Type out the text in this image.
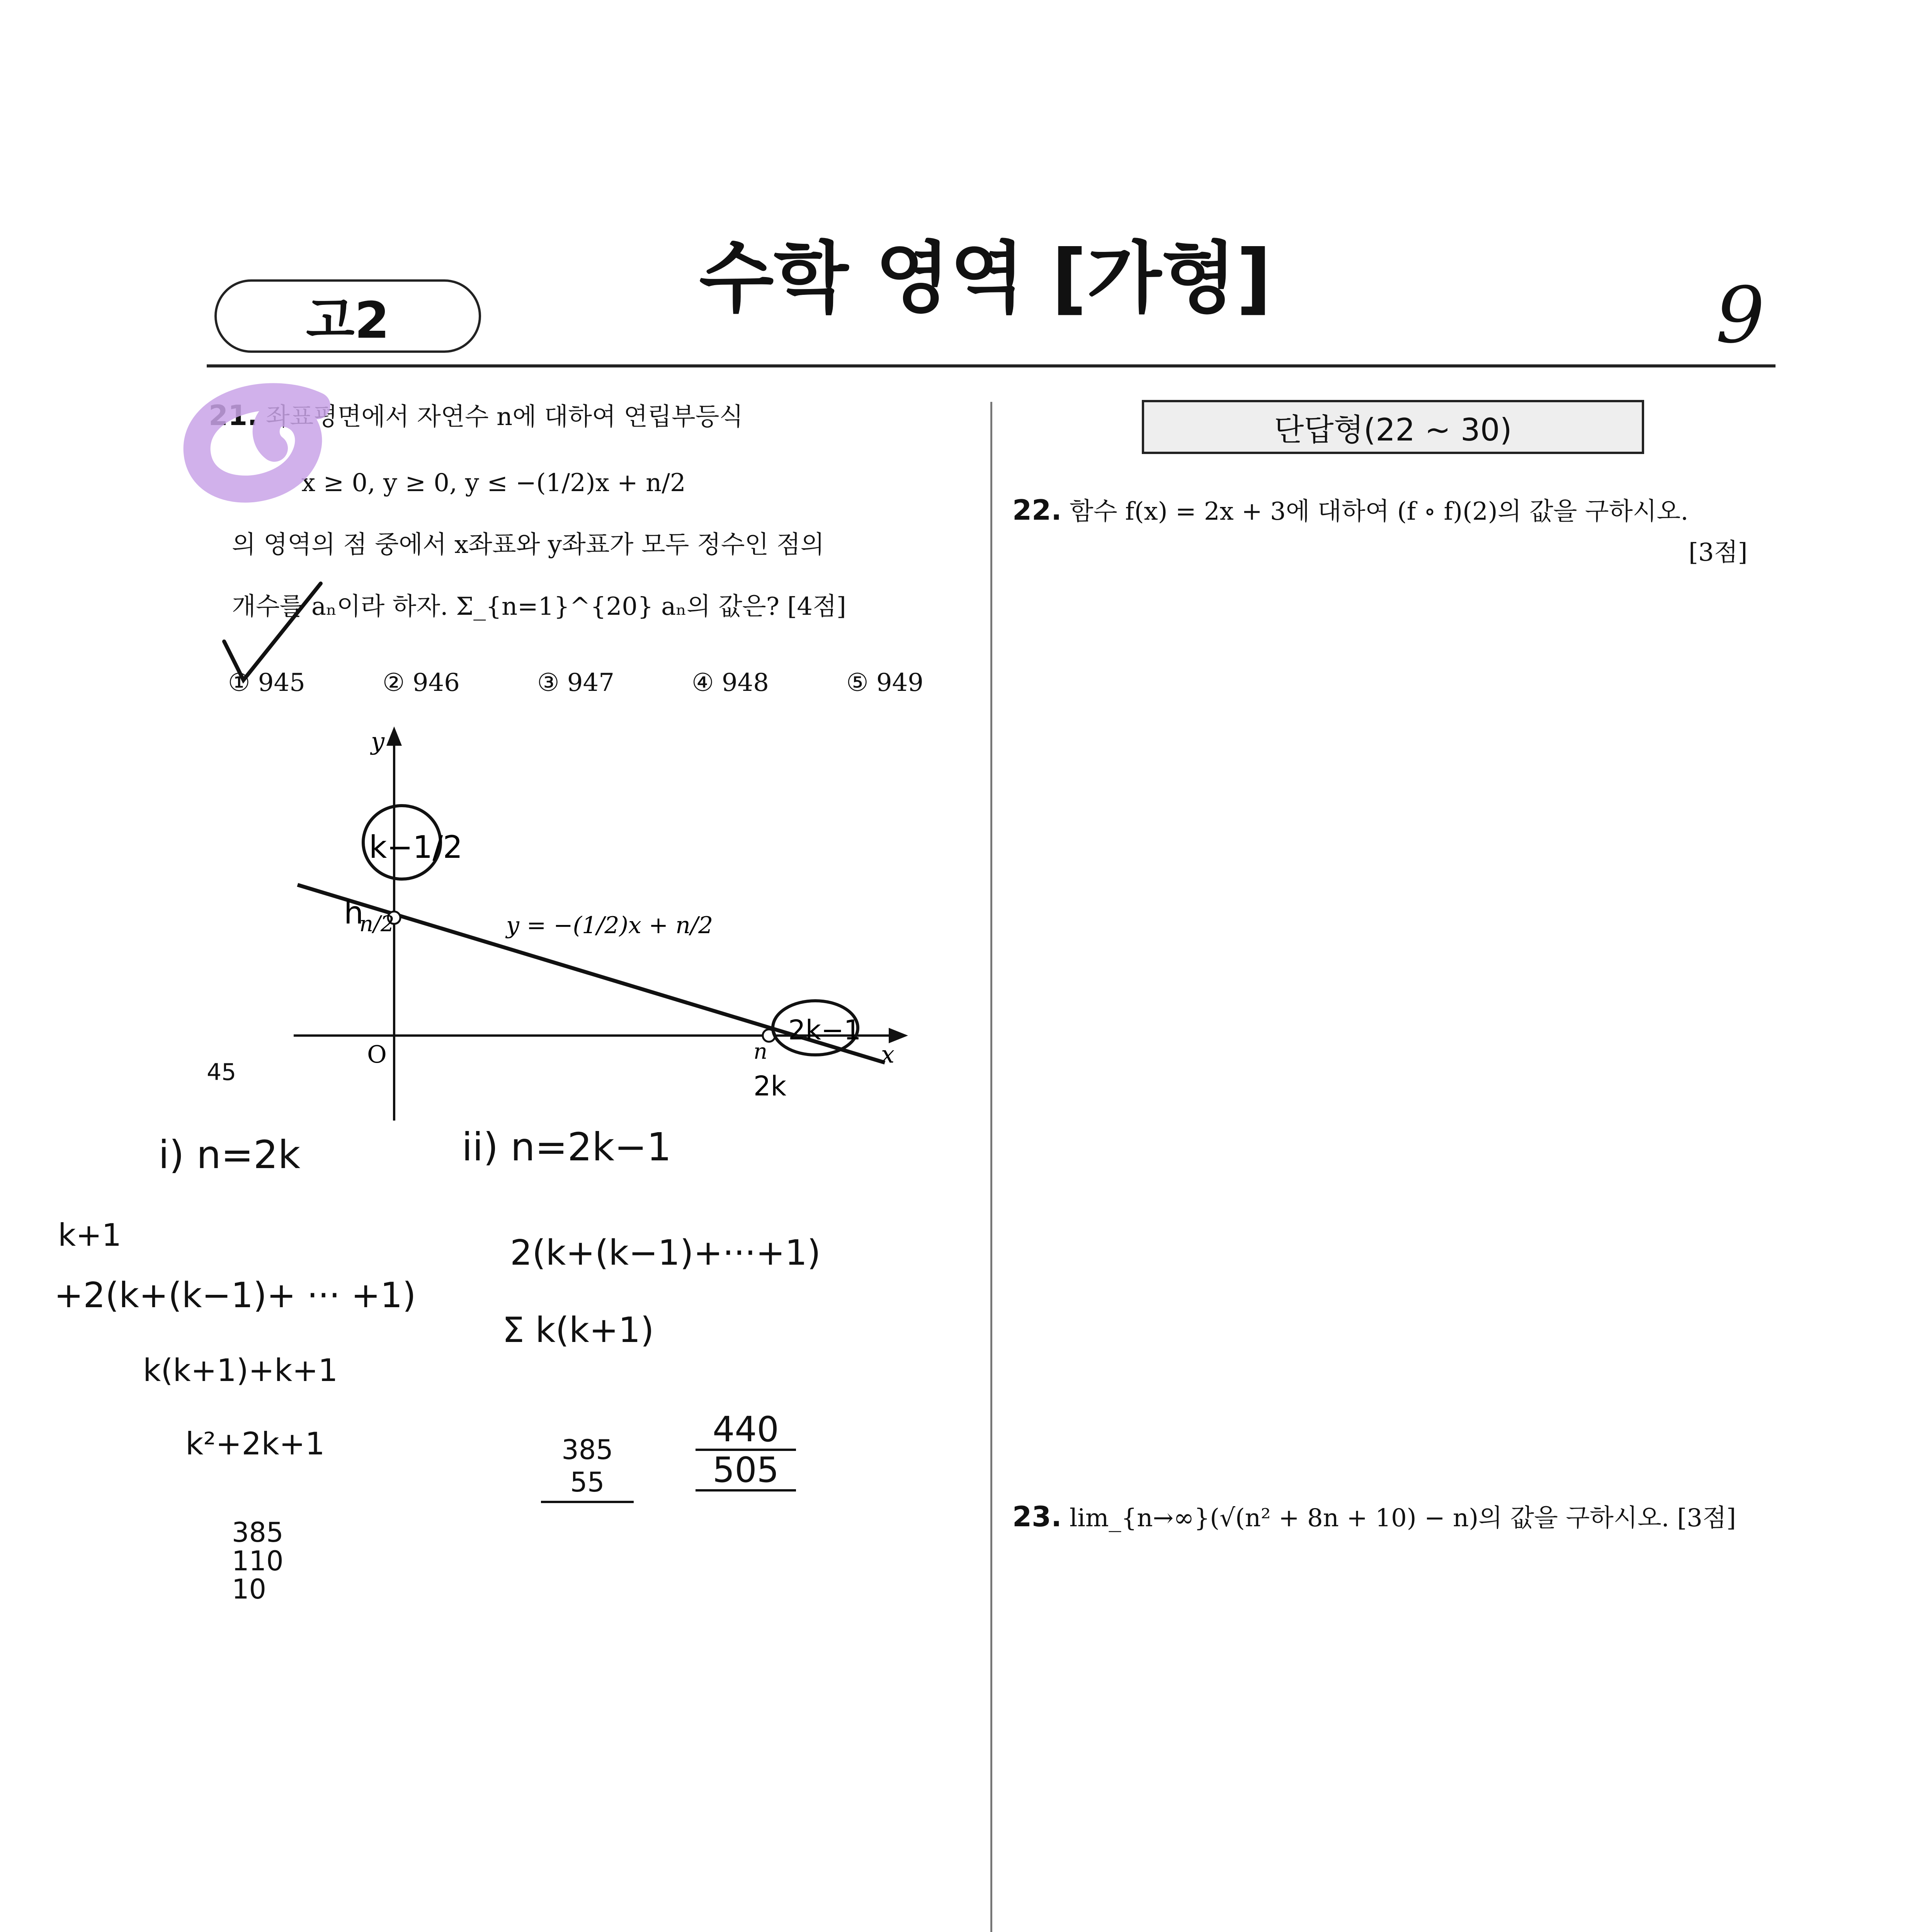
고2	수학 영역 [가형]	9
21. 좌표평면에서 자연수 n에 대하여 연립부등식
x ≥ 0, y ≥ 0, y ≤ −(1/2)x + n/2
의 영역의 점 중에서 x좌표와 y좌표가 모두 정수인 점의
개수를 aₙ이라 하자. Σ_{n=1}^{20} aₙ의 값은? [4점]
① 945	② 946	③ 947	④ 948	⑤ 949
y
x
O
n/2
n
y = −(1/2)x + n/2
k−1/2
h
2k−1
2k
45
i) n=2k	ii) n=2k−1
k+1
+2(k+(k−1)+ ··· +1)
k(k+1)+k+1
k²+2k+1
2(k+(k−1)+···+1)
Σ k(k+1)
385
110
10
385
55
440
505
단답형(22 ~ 30)
22. 함수 f(x) = 2x + 3에 대하여 (f ∘ f)(2)의 값을 구하시오.
[3점]
23. lim_{n→∞}(√(n² + 8n + 10) − n)의 값을 구하시오. [3점]
